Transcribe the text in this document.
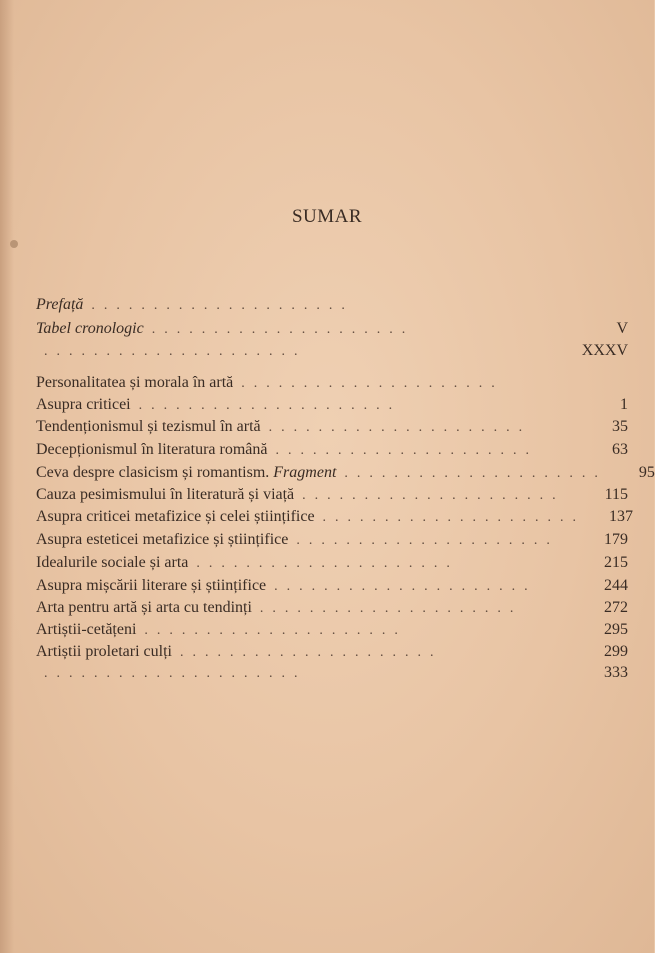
SUMAR
Prefață .....................
Tabel cronologic .....................	V
.....................	XXXV
Personalitatea și morala în artă .....................
Asupra criticei .....................	1
Tendenționismul și tezismul în artă .....................	35
Decepționismul în literatura română .....................	63
Ceva despre clasicism și romantism. Fragment .....................	95
Cauza pesimismului în literatură și viață .....................	115
Asupra criticei metafizice și celei științifice .....................	137
Asupra esteticei metafizice și științifice .....................	179
Idealurile sociale și arta .....................	215
Asupra mișcării literare și științifice .....................	244
Arta pentru artă și arta cu tendinți .....................	272
Artiștii-cetățeni .....................	295
Artiștii proletari culți .....................	299
.....................	333
